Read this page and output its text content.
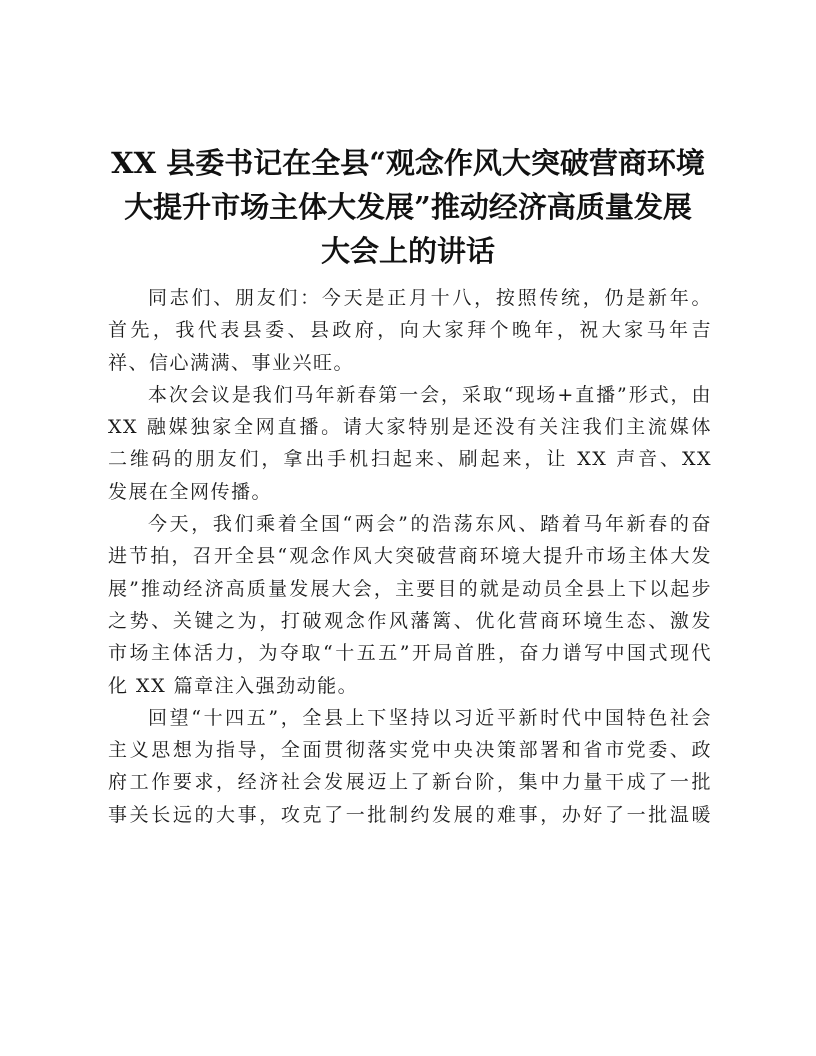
XX 县委书记在全县“观念作风大突破营商环境
大提升市场主体大发展”推动经济高质量发展
大会上的讲话

同志们、朋友们：今天是正月十八，按照传统，仍是新年。
首先，我代表县委、县政府，向大家拜个晚年，祝大家马年吉
祥、信心满满、事业兴旺。

本次会议是我们马年新春第一会，采取“现场+直播”形式，由
XX 融媒独家全网直播。请大家特别是还没有关注我们主流媒体
二维码的朋友们，拿出手机扫起来、刷起来，让 XX 声音、XX
发展在全网传播。

今天，我们乘着全国“两会”的浩荡东风、踏着马年新春的奋
进节拍，召开全县“观念作风大突破营商环境大提升市场主体大发
展”推动经济高质量发展大会，主要目的就是动员全县上下以起步
之势、关键之为，打破观念作风藩篱、优化营商环境生态、激发
市场主体活力，为夺取“十五五”开局首胜，奋力谱写中国式现代
化 XX 篇章注入强劲动能。

回望“十四五”，全县上下坚持以习近平新时代中国特色社会
主义思想为指导，全面贯彻落实党中央决策部署和省市党委、政
府工作要求，经济社会发展迈上了新台阶，集中力量干成了一批
事关长远的大事，攻克了一批制约发展的难事，办好了一批温暖
